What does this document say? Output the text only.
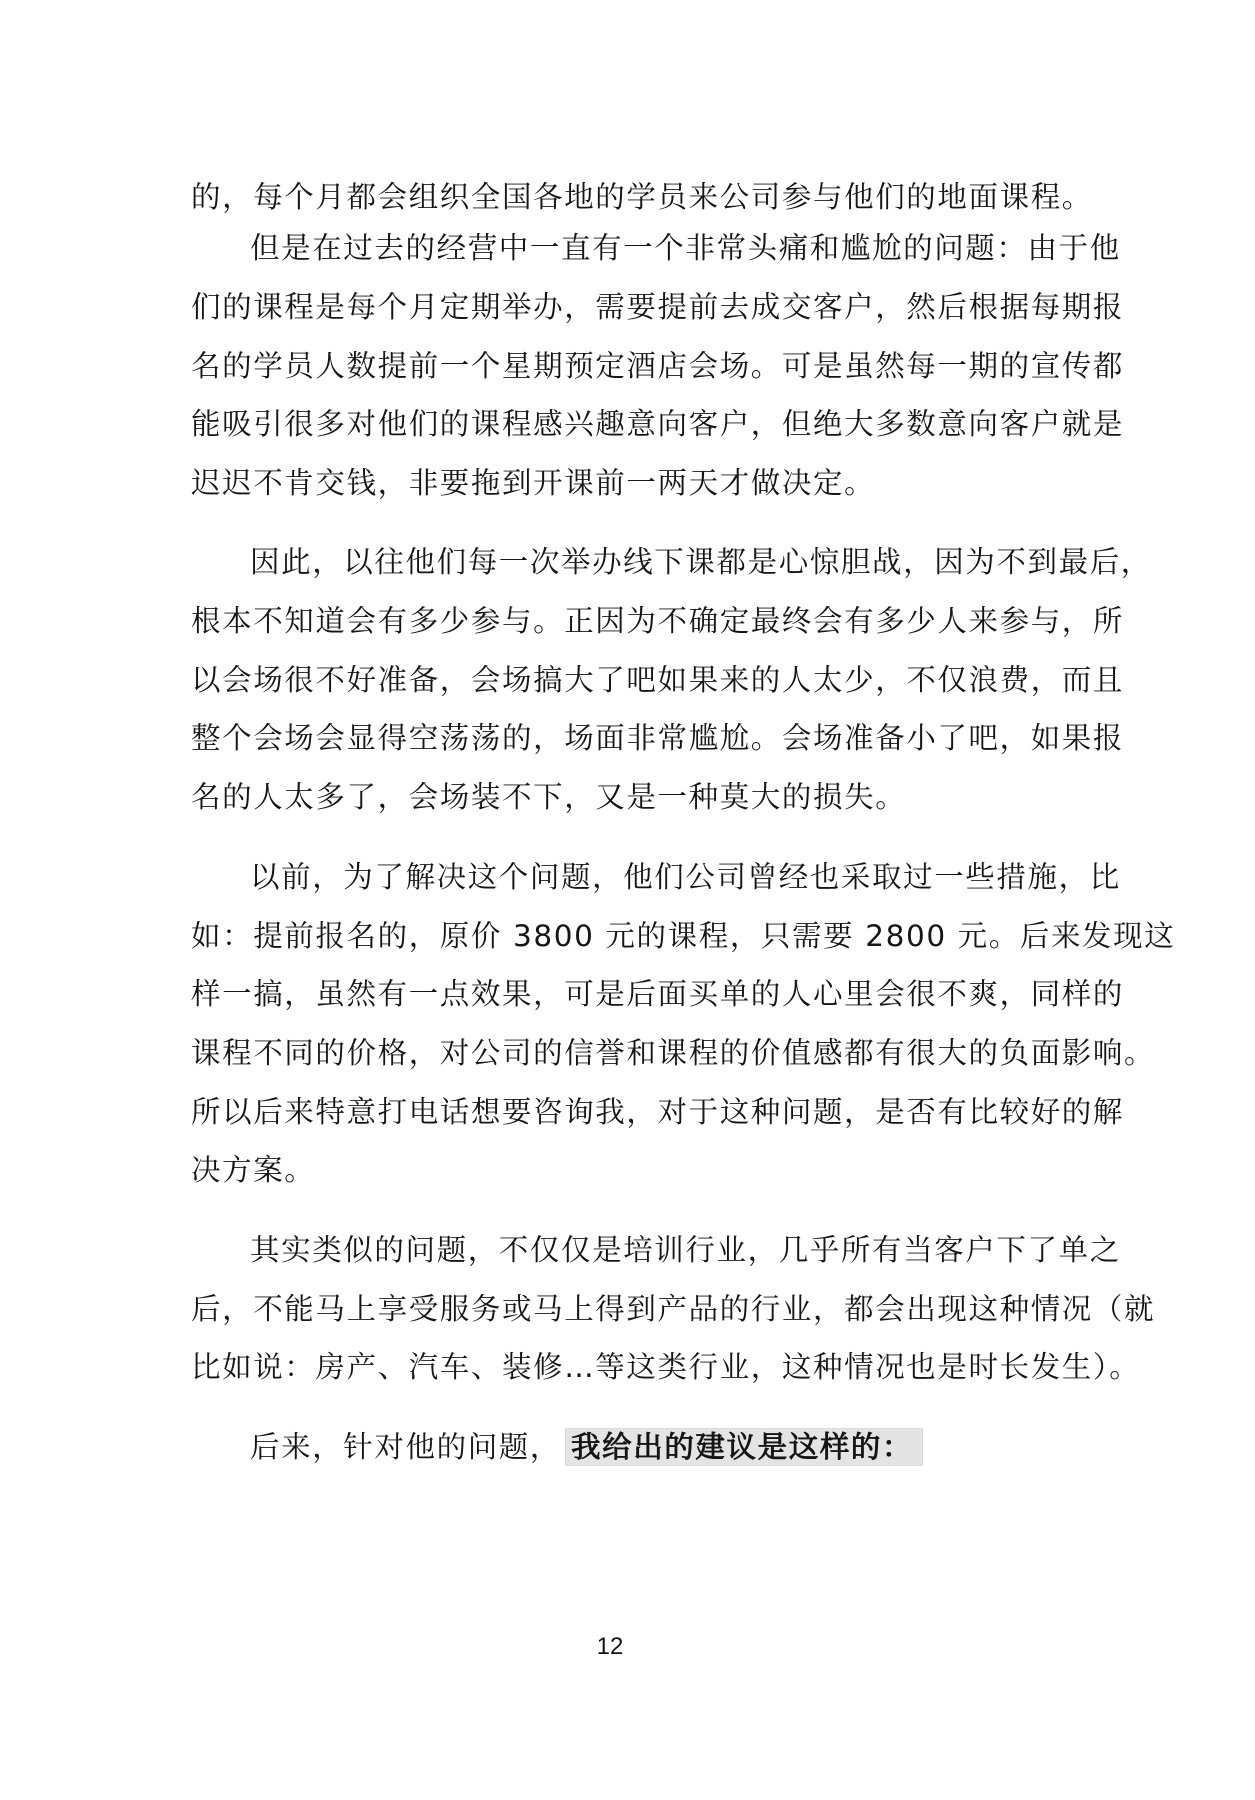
的，每个月都会组织全国各地的学员来公司参与他们的地面课程。
但是在过去的经营中一直有一个非常头痛和尴尬的问题：由于他
们的课程是每个月定期举办，需要提前去成交客户，然后根据每期报
名的学员人数提前一个星期预定酒店会场。可是虽然每一期的宣传都
能吸引很多对他们的课程感兴趣意向客户，但绝大多数意向客户就是
迟迟不肯交钱，非要拖到开课前一两天才做决定。
因此，以往他们每一次举办线下课都是心惊胆战，因为不到最后，
根本不知道会有多少参与。正因为不确定最终会有多少人来参与，所
以会场很不好准备，会场搞大了吧如果来的人太少，不仅浪费，而且
整个会场会显得空荡荡的，场面非常尴尬。会场准备小了吧，如果报
名的人太多了，会场装不下，又是一种莫大的损失。
以前，为了解决这个问题，他们公司曾经也采取过一些措施，比
如：提前报名的，原价 3800 元的课程，只需要 2800 元。后来发现这
样一搞，虽然有一点效果，可是后面买单的人心里会很不爽，同样的
课程不同的价格，对公司的信誉和课程的价值感都有很大的负面影响。
所以后来特意打电话想要咨询我，对于这种问题，是否有比较好的解
决方案。
其实类似的问题，不仅仅是培训行业，几乎所有当客户下了单之
后，不能马上享受服务或马上得到产品的行业，都会出现这种情况（就
比如说：房产、汽车、装修…等这类行业，这种情况也是时长发生）。
后来，针对他的问题， 我给出的建议是这样的：
12
